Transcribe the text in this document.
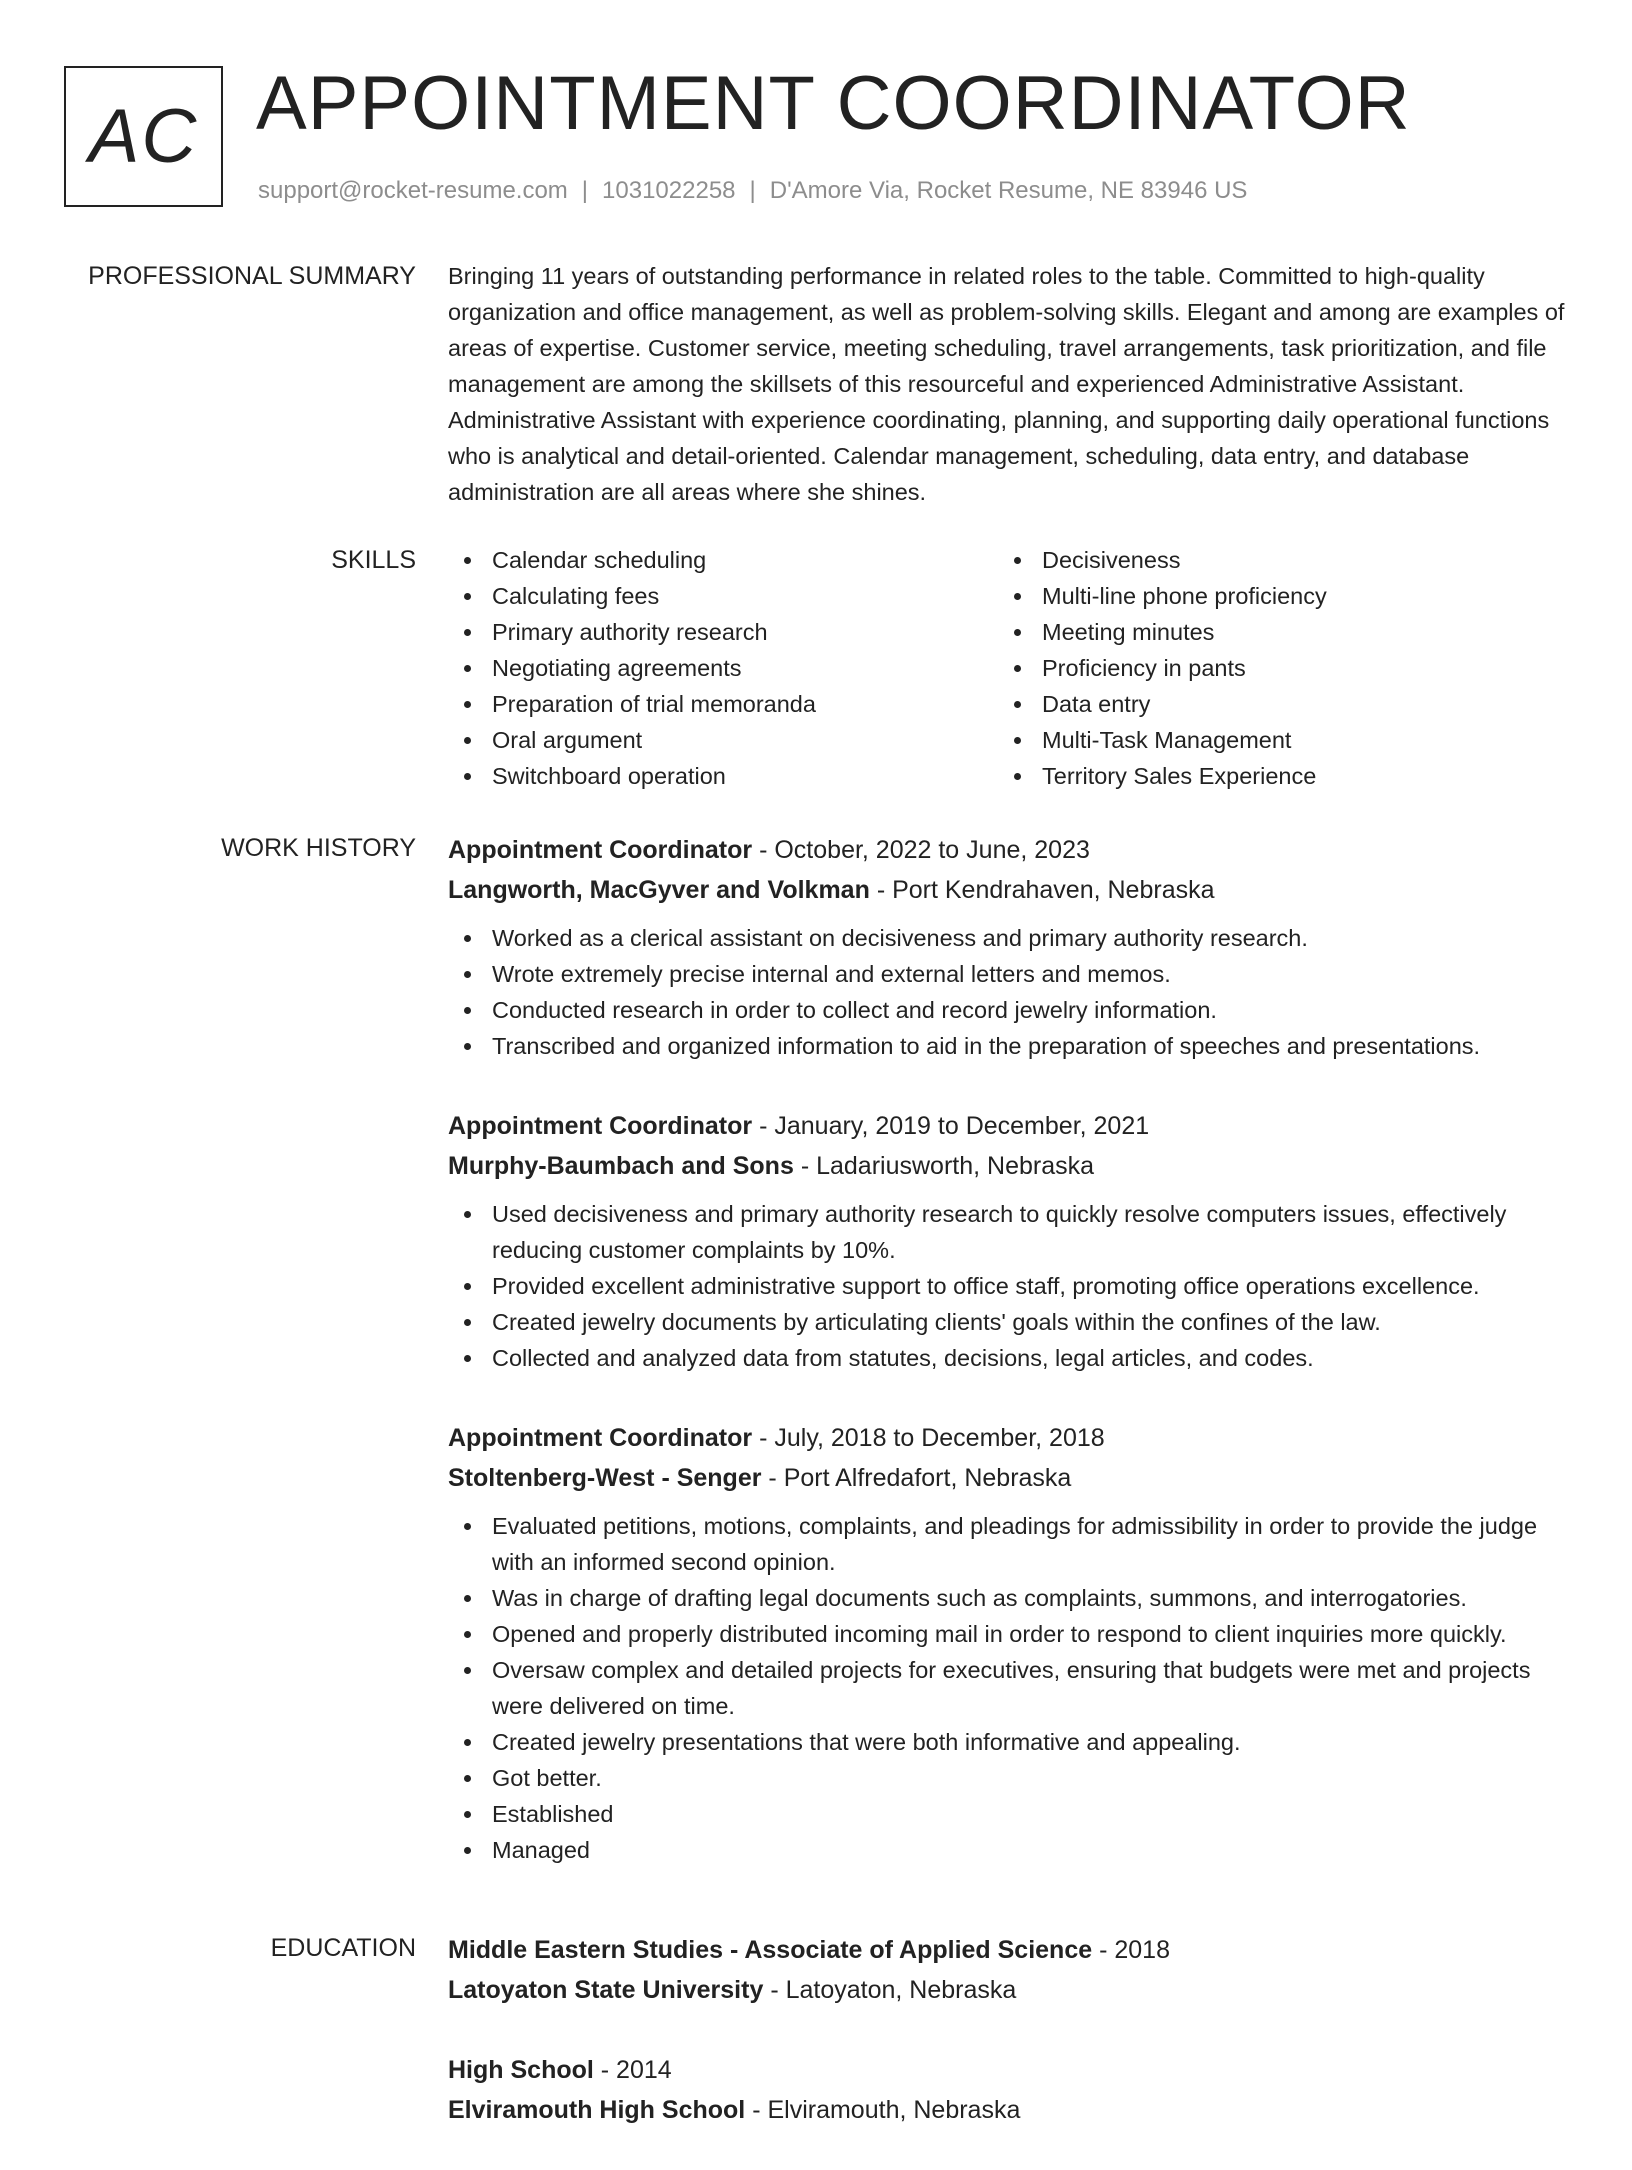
AC APPOINTMENT COORDINATOR
support@rocket-resume.com | 1031022258 | D'Amore Via, Rocket Resume, NE 83946 US
PROFESSIONAL SUMMARY Bringing 11 years of outstanding performance in related roles to the table. Committed to high-quality organization and office management, as well as problem-solving skills. Elegant and among are examples of areas of expertise. Customer service, meeting scheduling, travel arrangements, task prioritization, and file management are among the skillsets of this resourceful and experienced Administrative Assistant. Administrative Assistant with experience coordinating, planning, and supporting daily operational functions who is analytical and detail-oriented. Calendar management, scheduling, data entry, and database administration are all areas where she shines.

SKILLS	Calendar scheduling
Calculating fees
Primary authority research
Negotiating agreements
Preparation of trial memoranda
Oral argument
Switchboard operation
Decisiveness
Multi-line phone proficiency
Meeting minutes
Proficiency in pants
Data entry
Multi-Task Management
Territory Sales Experience
WORK HISTORY Appointment Coordinator - October, 2022 to June, 2023
Langworth, MacGyver and Volkman - Port Kendrahaven, Nebraska
Worked as a clerical assistant on decisiveness and primary authority research.
Wrote extremely precise internal and external letters and memos.
Conducted research in order to collect and record jewelry information.
Transcribed and organized information to aid in the preparation of speeches and presentations.
Appointment Coordinator - January, 2019 to December, 2021
Murphy-Baumbach and Sons - Ladariusworth, Nebraska
Used decisiveness and primary authority research to quickly resolve computers issues, effectively reducing customer complaints by 10%.
Provided excellent administrative support to office staff, promoting office operations excellence.
Created jewelry documents by articulating clients' goals within the confines of the law.
Collected and analyzed data from statutes, decisions, legal articles, and codes.
Appointment Coordinator - July, 2018 to December, 2018
Stoltenberg-West - Senger - Port Alfredafort, Nebraska
Evaluated petitions, motions, complaints, and pleadings for admissibility in order to provide the judge with an informed second opinion.
Was in charge of drafting legal documents such as complaints, summons, and interrogatories.
Opened and properly distributed incoming mail in order to respond to client inquiries more quickly.
Oversaw complex and detailed projects for executives, ensuring that budgets were met and projects were delivered on time.
Created jewelry presentations that were both informative and appealing.
Got better.
Established
Managed
EDUCATION Middle Eastern Studies - Associate of Applied Science - 2018
Latoyaton State University - Latoyaton, Nebraska
High School - 2014
Elviramouth High School - Elviramouth, Nebraska
